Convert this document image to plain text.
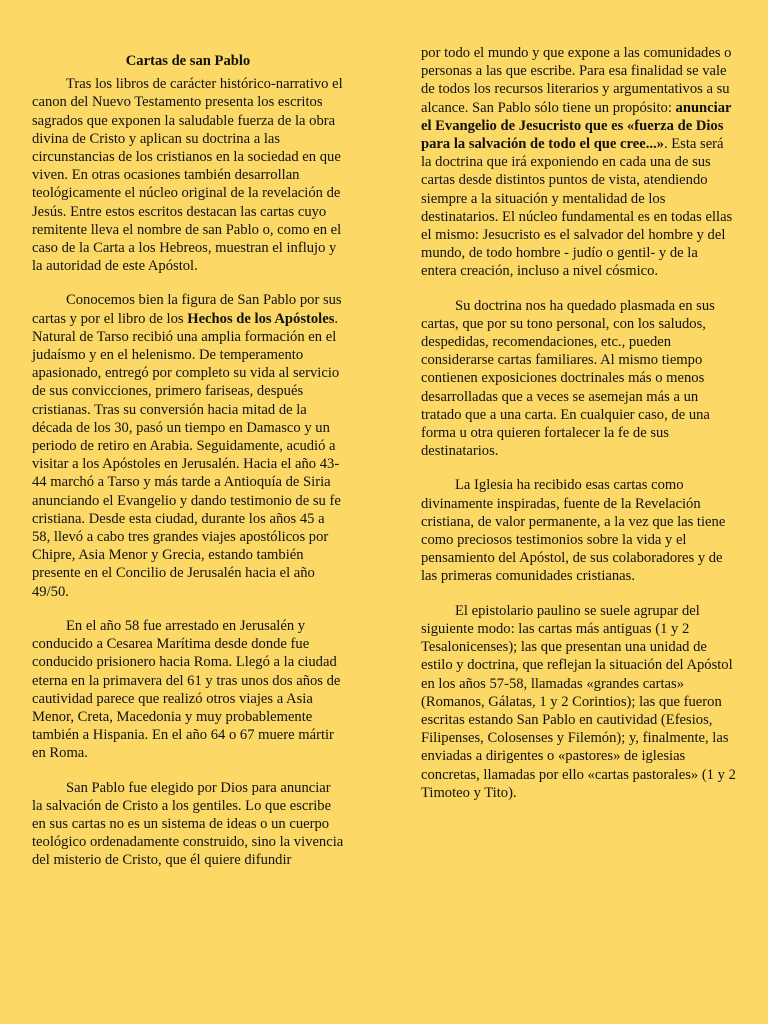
Cartas de san Pablo

Tras los libros de carácter histórico-narrativo el canon del Nuevo Testamento presenta los escritos sagrados que exponen la saludable fuerza de la obra divina de Cristo y aplican su doctrina a las circunstancias de los cristianos en la sociedad en que viven. En otras ocasiones también desarrollan teológicamente el núcleo original de la revelación de Jesús. Entre estos escritos destacan las cartas cuyo remitente lleva el nombre de san Pablo o, como en el caso de la Carta a los Hebreos, muestran el influjo y la autoridad de este Apóstol.

Conocemos bien la figura de San Pablo por sus cartas y por el libro de los Hechos de los Apóstoles. Natural de Tarso recibió una amplia formación en el judaísmo y en el helenismo. De temperamento apasionado, entregó por completo su vida al servicio de sus convicciones, primero fariseas, después cristianas. Tras su conversión hacia mitad de la década de los 30, pasó un tiempo en Damasco y un periodo de retiro en Arabia. Seguidamente, acudió a visitar a los Apóstoles en Jerusalén. Hacia el año 43-44 marchó a Tarso y más tarde a Antioquía de Siria anunciando el Evangelio y dando testimonio de su fe cristiana. Desde esta ciudad, durante los años 45 a 58, llevó a cabo tres grandes viajes apostólicos por Chipre, Asia Menor y Grecia, estando también presente en el Concilio de Jerusalén hacia el año 49/50.

En el año 58 fue arrestado en Jerusalén y conducido a Cesarea Marítima desde donde fue conducido prisionero hacia Roma. Llegó a la ciudad eterna en la primavera del 61 y tras unos dos años de cautividad parece que realizó otros viajes a Asia Menor, Creta, Macedonia y muy probablemente también a Hispania. En el año 64 o 67 muere mártir en Roma.

San Pablo fue elegido por Dios para anunciar la salvación de Cristo a los gentiles. Lo que escribe en sus cartas no es un sistema de ideas o un cuerpo teológico ordenadamente construido, sino la vivencia del misterio de Cristo, que él quiere difundir

por todo el mundo y que expone a las comunidades o personas a las que escribe. Para esa finalidad se vale de todos los recursos literarios y argumentativos a su alcance. San Pablo sólo tiene un propósito: anunciar el Evangelio de Jesucristo que es «fuerza de Dios para la salvación de todo el que cree...». Esta será la doctrina que irá exponiendo en cada una de sus cartas desde distintos puntos de vista, atendiendo siempre a la situación y mentalidad de los destinatarios. El núcleo fundamental es en todas ellas el mismo: Jesucristo es el salvador del hombre y del mundo, de todo hombre - judío o gentil- y de la entera creación, incluso a nivel cósmico.

Su doctrina nos ha quedado plasmada en sus cartas, que por su tono personal, con los saludos, despedidas, recomendaciones, etc., pueden considerarse cartas familiares. Al mismo tiempo contienen exposiciones doctrinales más o menos desarrolladas que a veces se asemejan más a un tratado que a una carta. En cualquier caso, de una forma u otra quieren fortalecer la fe de sus destinatarios.

La Iglesia ha recibido esas cartas como divinamente inspiradas, fuente de la Revelación cristiana, de valor permanente, a la vez que las tiene como preciosos testimonios sobre la vida y el pensamiento del Apóstol, de sus colaboradores y de las primeras comunidades cristianas.

El epistolario paulino se suele agrupar del siguiente modo: las cartas más antiguas (1 y 2 Tesalonicenses); las que presentan una unidad de estilo y doctrina, que reflejan la situación del Apóstol en los años 57-58, llamadas «grandes cartas» (Romanos, Gálatas, 1 y 2 Corintios); las que fueron escritas estando San Pablo en cautividad (Efesios, Filipenses, Colosenses y Filemón); y, finalmente, las enviadas a dirigentes o «pastores» de iglesias concretas, llamadas por ello «cartas pastorales» (1 y 2 Timoteo y Tito).
